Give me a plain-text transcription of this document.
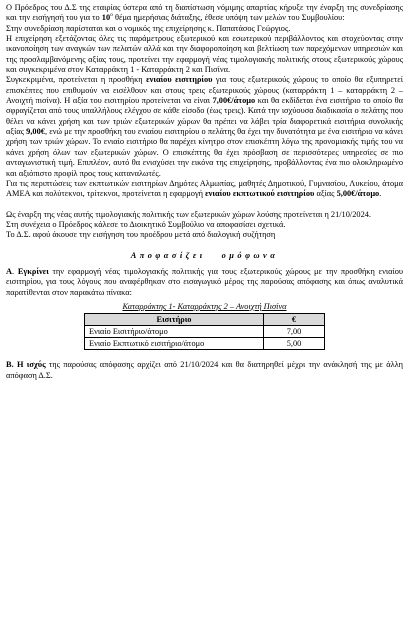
Ο Πρόεδρος του Δ.Σ της εταιρίας ύστερα από τη διαπίστωση νόμιμης απαρτίας κήρυξε την έναρξη της συνεδρίασης και την εισήγησή του για το $10^o$ θέμα ημερήσιας διάταξης, έθεσε υπόψη των μελών του Συμβουλίου:

Στην συνεδρίαση παρίσταται και ο νομικός της επιχείρησης κ. Παπατάσος Γεώργιος.

Η επιχείρηση εξετάζοντας όλες τις παράμετρους εξωτερικού και εσωτερικού περιβάλλοντος και στοχεύοντας στην ικανοποίηση των αναγκών των πελατών αλλά και την διαφοροποίηση και βελτίωση των παρεχόμενων υπηρεσιών και της προσλαμβανόμενης αξίας τους, προτείνει την εφαρμογή νέας τιμολογιακής πολιτικής στους εξωτερικούς χώρους και συγκεκριμένα στον Καταρράκτη 1 - Καταρράκτη 2 και Πισίνα.

Συγκεκριμένα, προτείνεται η προσθήκη ενιαίου εισιτηρίου για τους εξωτερικούς χώρους το οποίο θα εξυπηρετεί επισκέπτες που επιθυμούν να εισέλθουν και στους τρεις εξωτερικούς χώρους (καταρράκτη 1 – καταρράκτη 2 – Ανοιχτή πισίνα). Η αξία του εισιτηρίου προτείνεται να είναι 7,00€/άτομο και θα εκδίδεται ένα εισιτήριο το οποίο θα σφραγίζεται από τους υπαλλήλους ελέγχου σε κάθε είσοδο (έως τρεις). Κατά την ισχύουσα διαδικασία ο πελάτης που θέλει να κάνει χρήση και των τριών εξωτερικών χώρων θα πρέπει να λάβει τρία διαφορετικά εισιτήρια συνολικής αξίας 9,00€, ενώ με την προσθήκη του ενιαίου εισιτηρίου ο πελάτης θα έχει την δυνατότητα με ένα εισιτήριο να κάνει χρήση των τριών χώρων. Το ενιαίο εισιτήριο θα παρέχει κίνητρο στον επισκέπτη λόγω της προνομιακής τιμής του να κάνει χρήση όλων των εξωτερικών χώρων. Ο επισκέπτης θα έχει πρόσβαση σε περισσότερες υπηρεσίες σε πιο ανταγωνιστική τιμή. Επιπλέον, αυτό θα ενισχύσει την εικόνα της επιχείρησης, προβάλλοντας ένα πιο ολοκληρωμένο και αξιόπιστο προφίλ προς τους καταναλωτές.

Για τις περιπτώσεις των εκπτωτικών εισιτηρίων Δημότες Αλμωπίας, μαθητές Δημοτικού, Γυμνασίου, Λυκείου, άτομα ΑΜΕΑ και πολύτεκνοι, τρίτεκνοι, προτείνεται η εφαρμογή ενιαίου εκπτωτικού εισιτηρίου αξίας 5,00€/άτομο.

Ως έναρξη της νέας αυτής τιμολογιακής πολιτικής των εξωτερικών χώρων λούσης προτείνεται η 21/10/2024.

Στη συνέχεια ο Πρόεδρος κάλεσε το Διοικητικό Συμβούλιο να αποφασίσει σχετικά.

Το Δ.Σ. αφού άκουσε την εισήγηση του προέδρου μετά από διαλογική συζήτηση

Αποφασίζει ομόφωνα

Α. Εγκρίνει την εφαρμογή νέας τιμολογιακής πολιτικής για τους εξωτερικούς χώρους με την προσθήκη ενιαίου εισιτηρίου, για τους λόγους που αναφέρθηκαν στο εισαγωγικό μέρος της παρούσας απόφασης και όπως αναλυτικά παρατίθενται στον παρακάτω πίνακα:

Καταρράκτης 1- Καταρράκτης 2 – Ανοιχτή Πισίνα
Εισιτήριο	€
Ενιαίο Εισιτήριο/άτομο	7,00
Ενιαίο Εκπτωτικό εισιτήριο/άτομο	5,00

Β. Η ισχύς της παρούσας απόφασης αρχίζει από 21/10/2024 και θα διατηρηθεί μέχρι την ανάκλησή της με άλλη απόφαση Δ.Σ.
